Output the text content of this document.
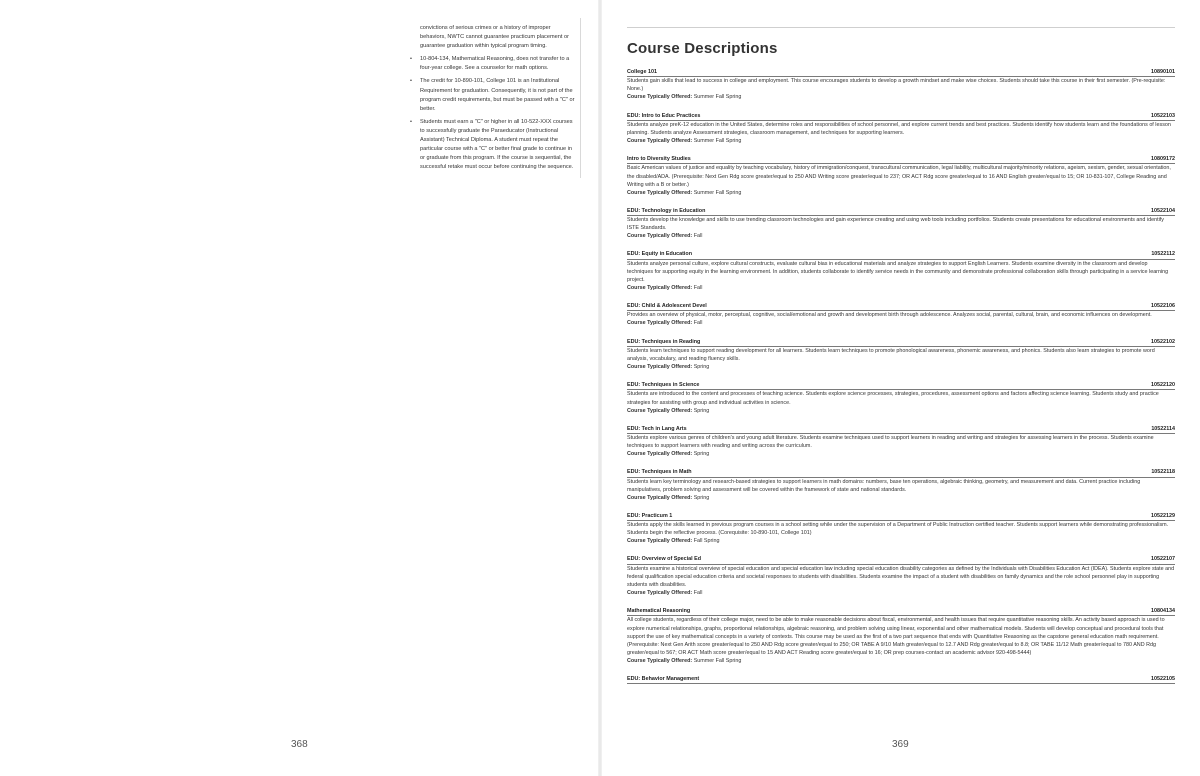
convictions of serious crimes or a history of improper behaviors, NWTC cannot guarantee practicum placement or guarantee graduation within typical program timing.

• 10-804-134, Mathematical Reasoning, does not transfer to a four-year college. See a counselor for math options.
• The credit for 10-890-101, College 101 is an Institutional Requirement for graduation. Consequently, it is not part of the program credit requirements, but must be passed with a "C" or better.
• Students must earn a "C" or higher in all 10-522-XXX courses to successfully graduate the Paraeducator (Instructional Assistant) Technical Diploma. A student must repeat the particular course with a "C" or better final grade to continue in or graduate from this program. If the course is sequential, the successful retake must occur before continuing the sequence.
368
Course Descriptions
College 101	10890101

Students gain skills that lead to success in college and employment. This course encourages students to develop a growth mindset and make wise choices. Students should take this course in their first semester. (Pre-requisite: None.)

Course Typically Offered: Summer Fall Spring

EDU: Intro to Educ Practices	10522103

Students analyze preK-12 education in the United States, determine roles and responsibilities of school personnel, and explore current trends and best practices. Students identify how students learn and the foundations of lesson planning. Students analyze Assessment strategies, classroom management, and techniques for supporting learners.

Course Typically Offered: Summer Fall Spring

Intro to Diversity Studies	10809172

Basic American values of justice and equality by teaching vocabulary, history of immigration/conquest, transcultural communication, legal liability, multicultural majority/minority relations, ageism, sexism, gender, sexual orientation, the disabled/ADA. (Prerequisite: Next Gen Rdg score greater/equal to 250 AND Writing score greater/equal to 237; OR ACT Rdg score greater/equal to 16 AND English greater/equal to 15; OR 10-831-107, College Reading and Writing with a B or better.)

Course Typically Offered: Summer Fall Spring

EDU: Technology in Education	10522104

Students develop the knowledge and skills to use trending classroom technologies and gain experience creating and using web tools including portfolios. Students create presentations for educational environments and identify ISTE Standards.

Course Typically Offered: Fall

EDU: Equity in Education	10522112

Students analyze personal culture, explore cultural constructs, evaluate cultural bias in educational materials and analyze strategies to support English Learners. Students examine diversity in the classroom and develop techniques for supporting equity in the learning environment. In addition, students collaborate to identify service needs in the community and demonstrate professional collaboration skills through participating in a service learning project.

Course Typically Offered: Fall

EDU: Child & Adolescent Devel	10522106

Provides an overview of physical, motor, perceptual, cognitive, social/emotional and growth and development birth through adolescence. Analyzes social, parental, cultural, brain, and economic influences on development.

Course Typically Offered: Fall

EDU: Techniques in Reading	10522102

Students learn techniques to support reading development for all learners. Students learn techniques to promote phonological awareness, phonemic awareness, and phonics. Students also learn strategies to promote word analysis, vocabulary, and reading fluency skills.

Course Typically Offered: Spring

EDU: Techniques in Science	10522120

Students are introduced to the content and processes of teaching science. Students explore science processes, strategies, procedures, assessment options and factors affecting science learning. Students study and practice strategies for assisting with group and individual activities in science.

Course Typically Offered: Spring

EDU: Tech in Lang Arts	10522114

Students explore various genres of children's and young adult literature. Students examine techniques used to support learners in reading and writing and strategies for assessing learners in the process. Students examine techniques to support learners with reading and writing across the curriculum.

Course Typically Offered: Spring

EDU: Techniques in Math	10522118

Students learn key terminology and research-based strategies to support learners in math domains: numbers, base ten operations, algebraic thinking, geometry, and measurement and data. Current practice including manipulatives, problem solving and assessment will be covered within the framework of state and national standards.

Course Typically Offered: Spring

EDU: Practicum 1	10522129

Students apply the skills learned in previous program courses in a school setting while under the supervision of a Department of Public Instruction certified teacher. Students support learners while demonstrating professionalism. Students begin the reflective process. (Corequisite: 10-890-101, College 101)

Course Typically Offered: Fall Spring

EDU: Overview of Special Ed	10522107

Students examine a historical overview of special education and special education law including special education disability categories as defined by the Individuals with Disabilities Education Act (IDEA). Students explore state and federal qualification special education criteria and societal responses to students with disabilities. Students examine the impact of a student with disabilities on family dynamics and the role school personnel play in supporting students with disabilities.

Course Typically Offered: Fall

Mathematical Reasoning	10804134

All college students, regardless of their college major, need to be able to make reasonable decisions about fiscal, environmental, and health issues that require quantitative reasoning skills. An activity based approach is used to explore numerical relationships, graphs, proportional relationships, algebraic reasoning, and problem solving using linear, exponential and other mathematical models. Students will develop conceptual and procedural tools that support the use of key mathematical concepts in a variety of contexts. This course may be used as the first of a two part sequence that ends with Quantitative Reasoning as the capstone general education math requirement. (Prerequisite: Next Gen Arith score greater/equal to 250 AND Rdg score greater/equal to 250; OR TABE A 9/10 Math greater/equal to 12.7 AND Rdg greater/equal to 8.8; OR TABE 11/12 Math greater/equal to 780 AND Rdg greater/equal to 567; OR ACT Math score greater/equal to 15 AND ACT Reading score greater/equal to 16; OR prep courses-contact an academic advisor 920-498-5444)

Course Typically Offered: Summer Fall Spring

EDU: Behavior Management	10522105
369
